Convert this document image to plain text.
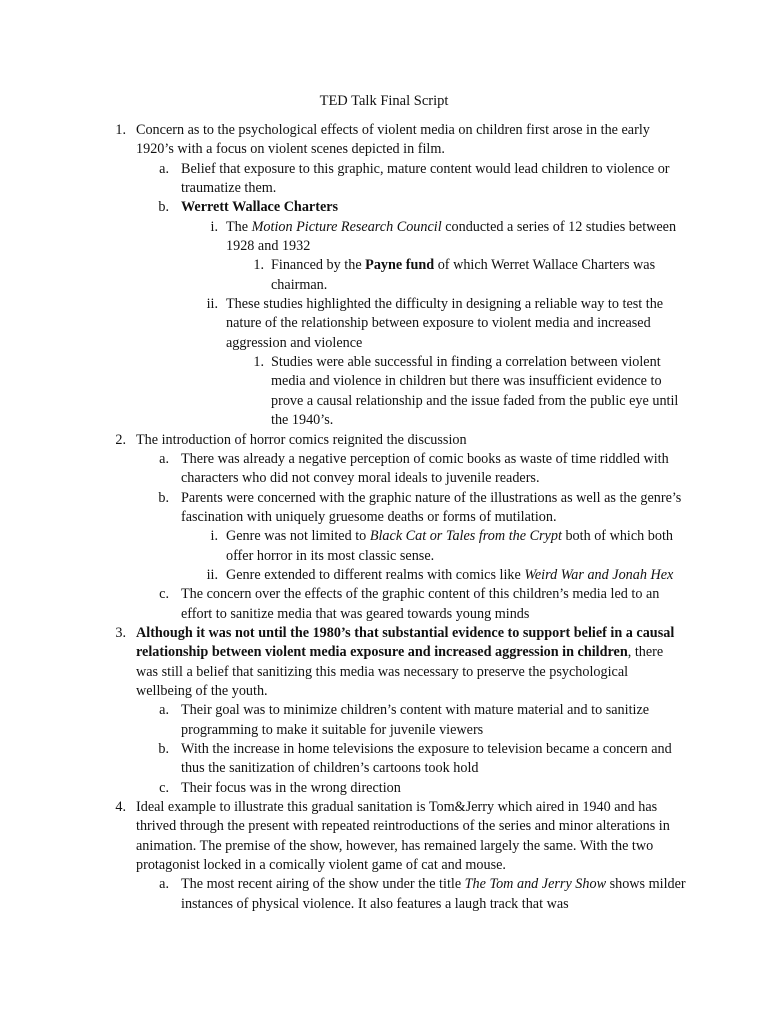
TED Talk Final Script
1. Concern as to the psychological effects of violent media on children first arose in the early 1920’s with a focus on violent scenes depicted in film.
a. Belief that exposure to this graphic, mature content would lead children to violence or traumatize them.
b. Werrett Wallace Charters
i. The Motion Picture Research Council conducted a series of 12 studies between 1928 and 1932
1. Financed by the Payne fund of which Werret Wallace Charters was chairman.
ii. These studies highlighted the difficulty in designing a reliable way to test the nature of the relationship between exposure to violent media and increased aggression and violence
1. Studies were able successful in finding a correlation between violent media and violence in children but there was insufficient evidence to prove a causal relationship and the issue faded from the public eye until the 1940’s.
2. The introduction of horror comics reignited the discussion
a. There was already a negative perception of comic books as waste of time riddled with characters who did not convey moral ideals to juvenile readers.
b. Parents were concerned with the graphic nature of the illustrations as well as the genre’s fascination with uniquely gruesome deaths or forms of mutilation.
i. Genre was not limited to Black Cat or Tales from the Crypt both of which both offer horror in its most classic sense.
ii. Genre extended to different realms with comics like Weird War and Jonah Hex
c. The concern over the effects of the graphic content of this children’s media led to an effort to sanitize media that was geared towards young minds
3. Although it was not until the 1980’s that substantial evidence to support belief in a causal relationship between violent media exposure and increased aggression in children, there was still a belief that sanitizing this media was necessary to preserve the psychological wellbeing of the youth.
a. Their goal was to minimize children’s content with mature material and to sanitize programming to make it suitable for juvenile viewers
b. With the increase in home televisions the exposure to television became a concern and thus the sanitization of children’s cartoons took hold
c. Their focus was in the wrong direction
4. Ideal example to illustrate this gradual sanitation is Tom&Jerry which aired in 1940 and has thrived through the present with repeated reintroductions of the series and minor alterations in animation. The premise of the show, however, has remained largely the same. With the two protagonist locked in a comically violent game of cat and mouse.
a. The most recent airing of the show under the title The Tom and Jerry Show shows milder instances of physical violence. It also features a laugh track that was
